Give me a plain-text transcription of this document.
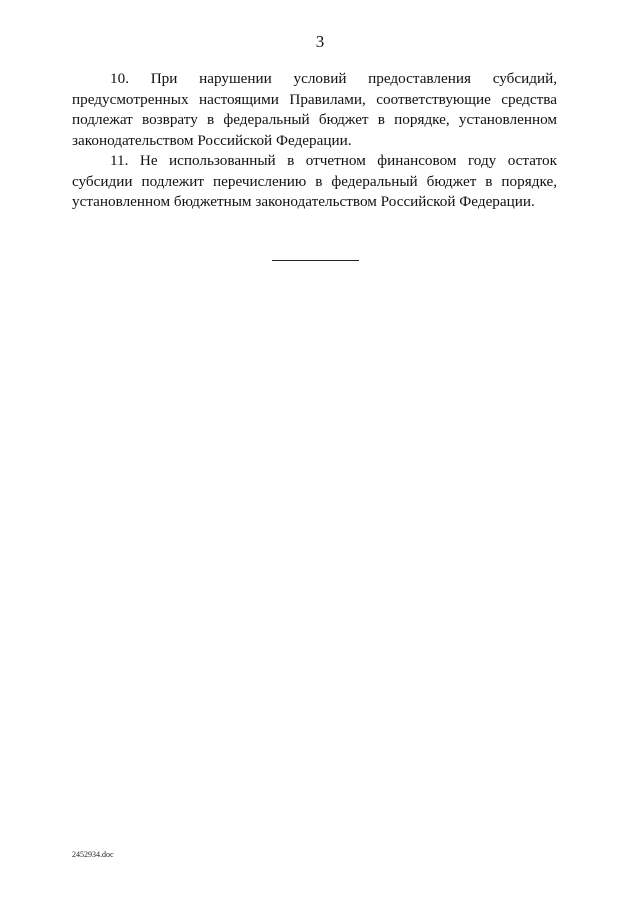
3

10. При нарушении условий предоставления субсидий, предусмотренных настоящими Правилами, соответствующие средства подлежат возврату в федеральный бюджет в порядке, установленном законодательством Российской Федерации.

11. Не использованный в отчетном финансовом году остаток субсидии подлежит перечислению в федеральный бюджет в порядке, установленном бюджетным законодательством Российской Федерации.

2452934.doc
